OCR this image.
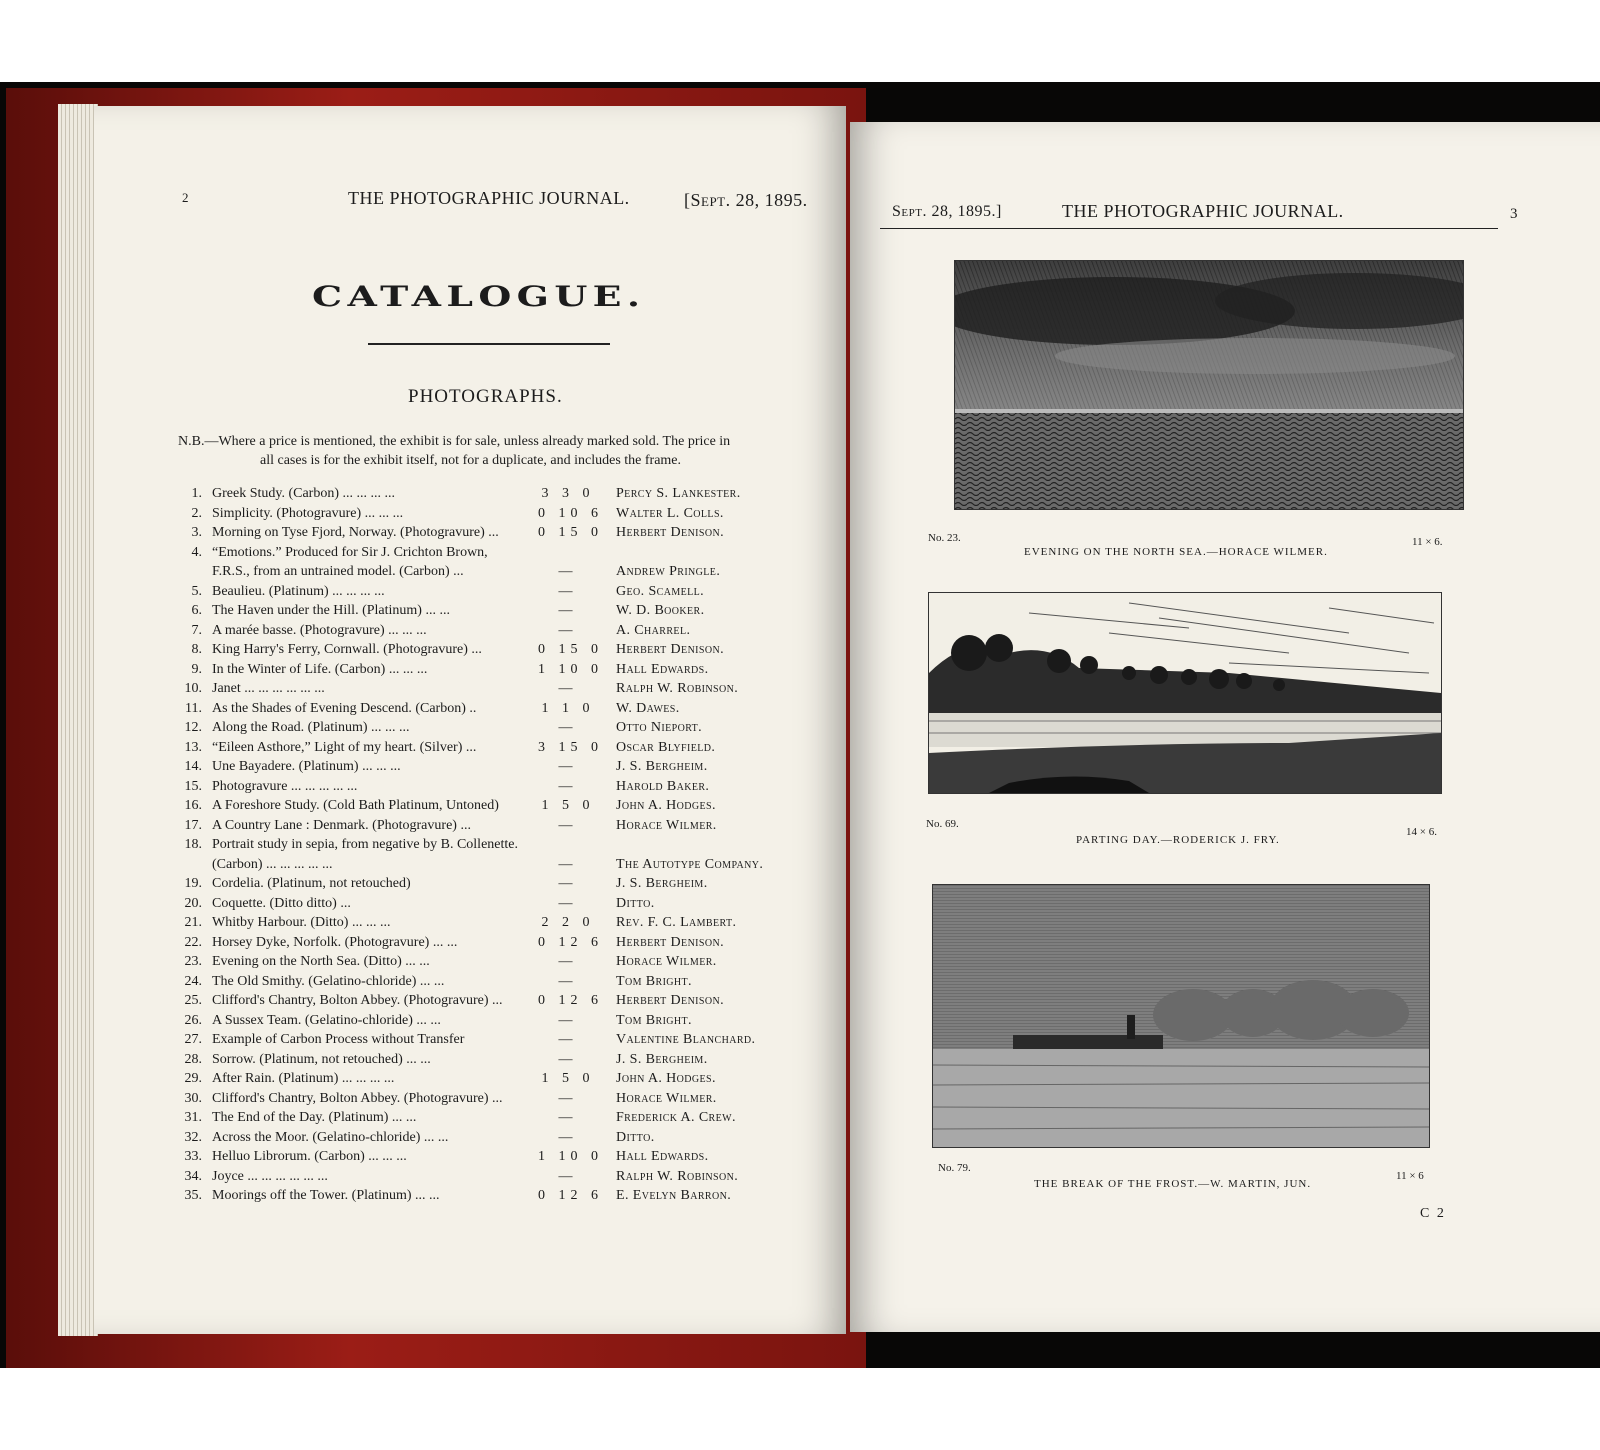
2	THE PHOTOGRAPHIC JOURNAL.	[Sept. 28, 1895.
CATALOGUE.
PHOTOGRAPHS.
N.B.—Where a price is mentioned, the exhibit is for sale, unless already marked sold. The price in
all cases is for the exhibit itself, not for a duplicate, and includes the frame.
1. Greek Study. (Carbon) ... ... ... ...	3 3 0 Percy S. Lankester.
2. Simplicity. (Photogravure) ... ... ...	0 10 6 Walter L. Colls.
3. Morning on Tyse Fjord, Norway. (Photogravure) ...	0 15 0 Herbert Denison.
4. “Emotions.” Produced for Sir J. Crichton Brown,
F.R.S., from an untrained model. (Carbon) ...	—	Andrew Pringle.
5. Beaulieu. (Platinum) ... ... ... ...	—	Geo. Scamell.
6. The Haven under the Hill. (Platinum) ... ...	—	W. D. Booker.
7. A marée basse. (Photogravure) ... ... ...	—	A. Charrel.
8. King Harry's Ferry, Cornwall. (Photogravure) ...	0 15 0 Herbert Denison.
9. In the Winter of Life. (Carbon) ... ... ...	1 10 0 Hall Edwards.
10. Janet ... ... ... ... ... ...	—	Ralph W. Robinson.
11. As the Shades of Evening Descend. (Carbon) ..	1 1 0 W. Dawes.
12. Along the Road. (Platinum) ... ... ...	—	Otto Nieport.
13. “Eileen Asthore,” Light of my heart. (Silver) ...	3 15 0 Oscar Blyfield.
14. Une Bayadere. (Platinum) ... ... ...	—	J. S. Bergheim.
15. Photogravure ... ... ... ... ...	—	Harold Baker.
16. A Foreshore Study. (Cold Bath Platinum, Untoned)	1 5 0 John A. Hodges.
17. A Country Lane : Denmark. (Photogravure) ...	—	Horace Wilmer.
18. Portrait study in sepia, from negative by B. Collenette.
(Carbon) ... ... ... ... ...	—	The Autotype Company.
19. Cordelia. (Platinum, not retouched)	—	J. S. Bergheim.
20. Coquette. (Ditto ditto) ...	—	Ditto.
21. Whitby Harbour. (Ditto) ... ... ...	2 2 0 Rev. F. C. Lambert.
22. Horsey Dyke, Norfolk. (Photogravure) ... ...	0 12 6 Herbert Denison.
23. Evening on the North Sea. (Ditto) ... ...	—	Horace Wilmer.
24. The Old Smithy. (Gelatino-chloride) ... ...	—	Tom Bright.
25. Clifford's Chantry, Bolton Abbey. (Photogravure) ...	0 12 6 Herbert Denison.
26. A Sussex Team. (Gelatino-chloride) ... ...	—	Tom Bright.
27. Example of Carbon Process without Transfer	—	Valentine Blanchard.
28. Sorrow. (Platinum, not retouched) ... ...	—	J. S. Bergheim.
29. After Rain. (Platinum) ... ... ... ...	1 5 0 John A. Hodges.
30. Clifford's Chantry, Bolton Abbey. (Photogravure) ...	—	Horace Wilmer.
31. The End of the Day. (Platinum) ... ...	—	Frederick A. Crew.
32. Across the Moor. (Gelatino-chloride) ... ...	—	Ditto.
33. Helluo Librorum. (Carbon) ... ... ...	1 10 0 Hall Edwards.
34. Joyce ... ... ... ... ... ...	—	Ralph W. Robinson.
35. Moorings off the Tower. (Platinum) ... ...	0 12 6 E. Evelyn Barron.
Sept. 28, 1895.]	THE PHOTOGRAPHIC JOURNAL.	3
No. 23.
EVENING ON THE NORTH SEA.—HORACE WILMER.
11 × 6.
No. 69.
PARTING DAY.—RODERICK J. FRY.
14 × 6.
No. 79.
THE BREAK OF THE FROST.—W. MARTIN, JUN.
11 × 6
C 2
